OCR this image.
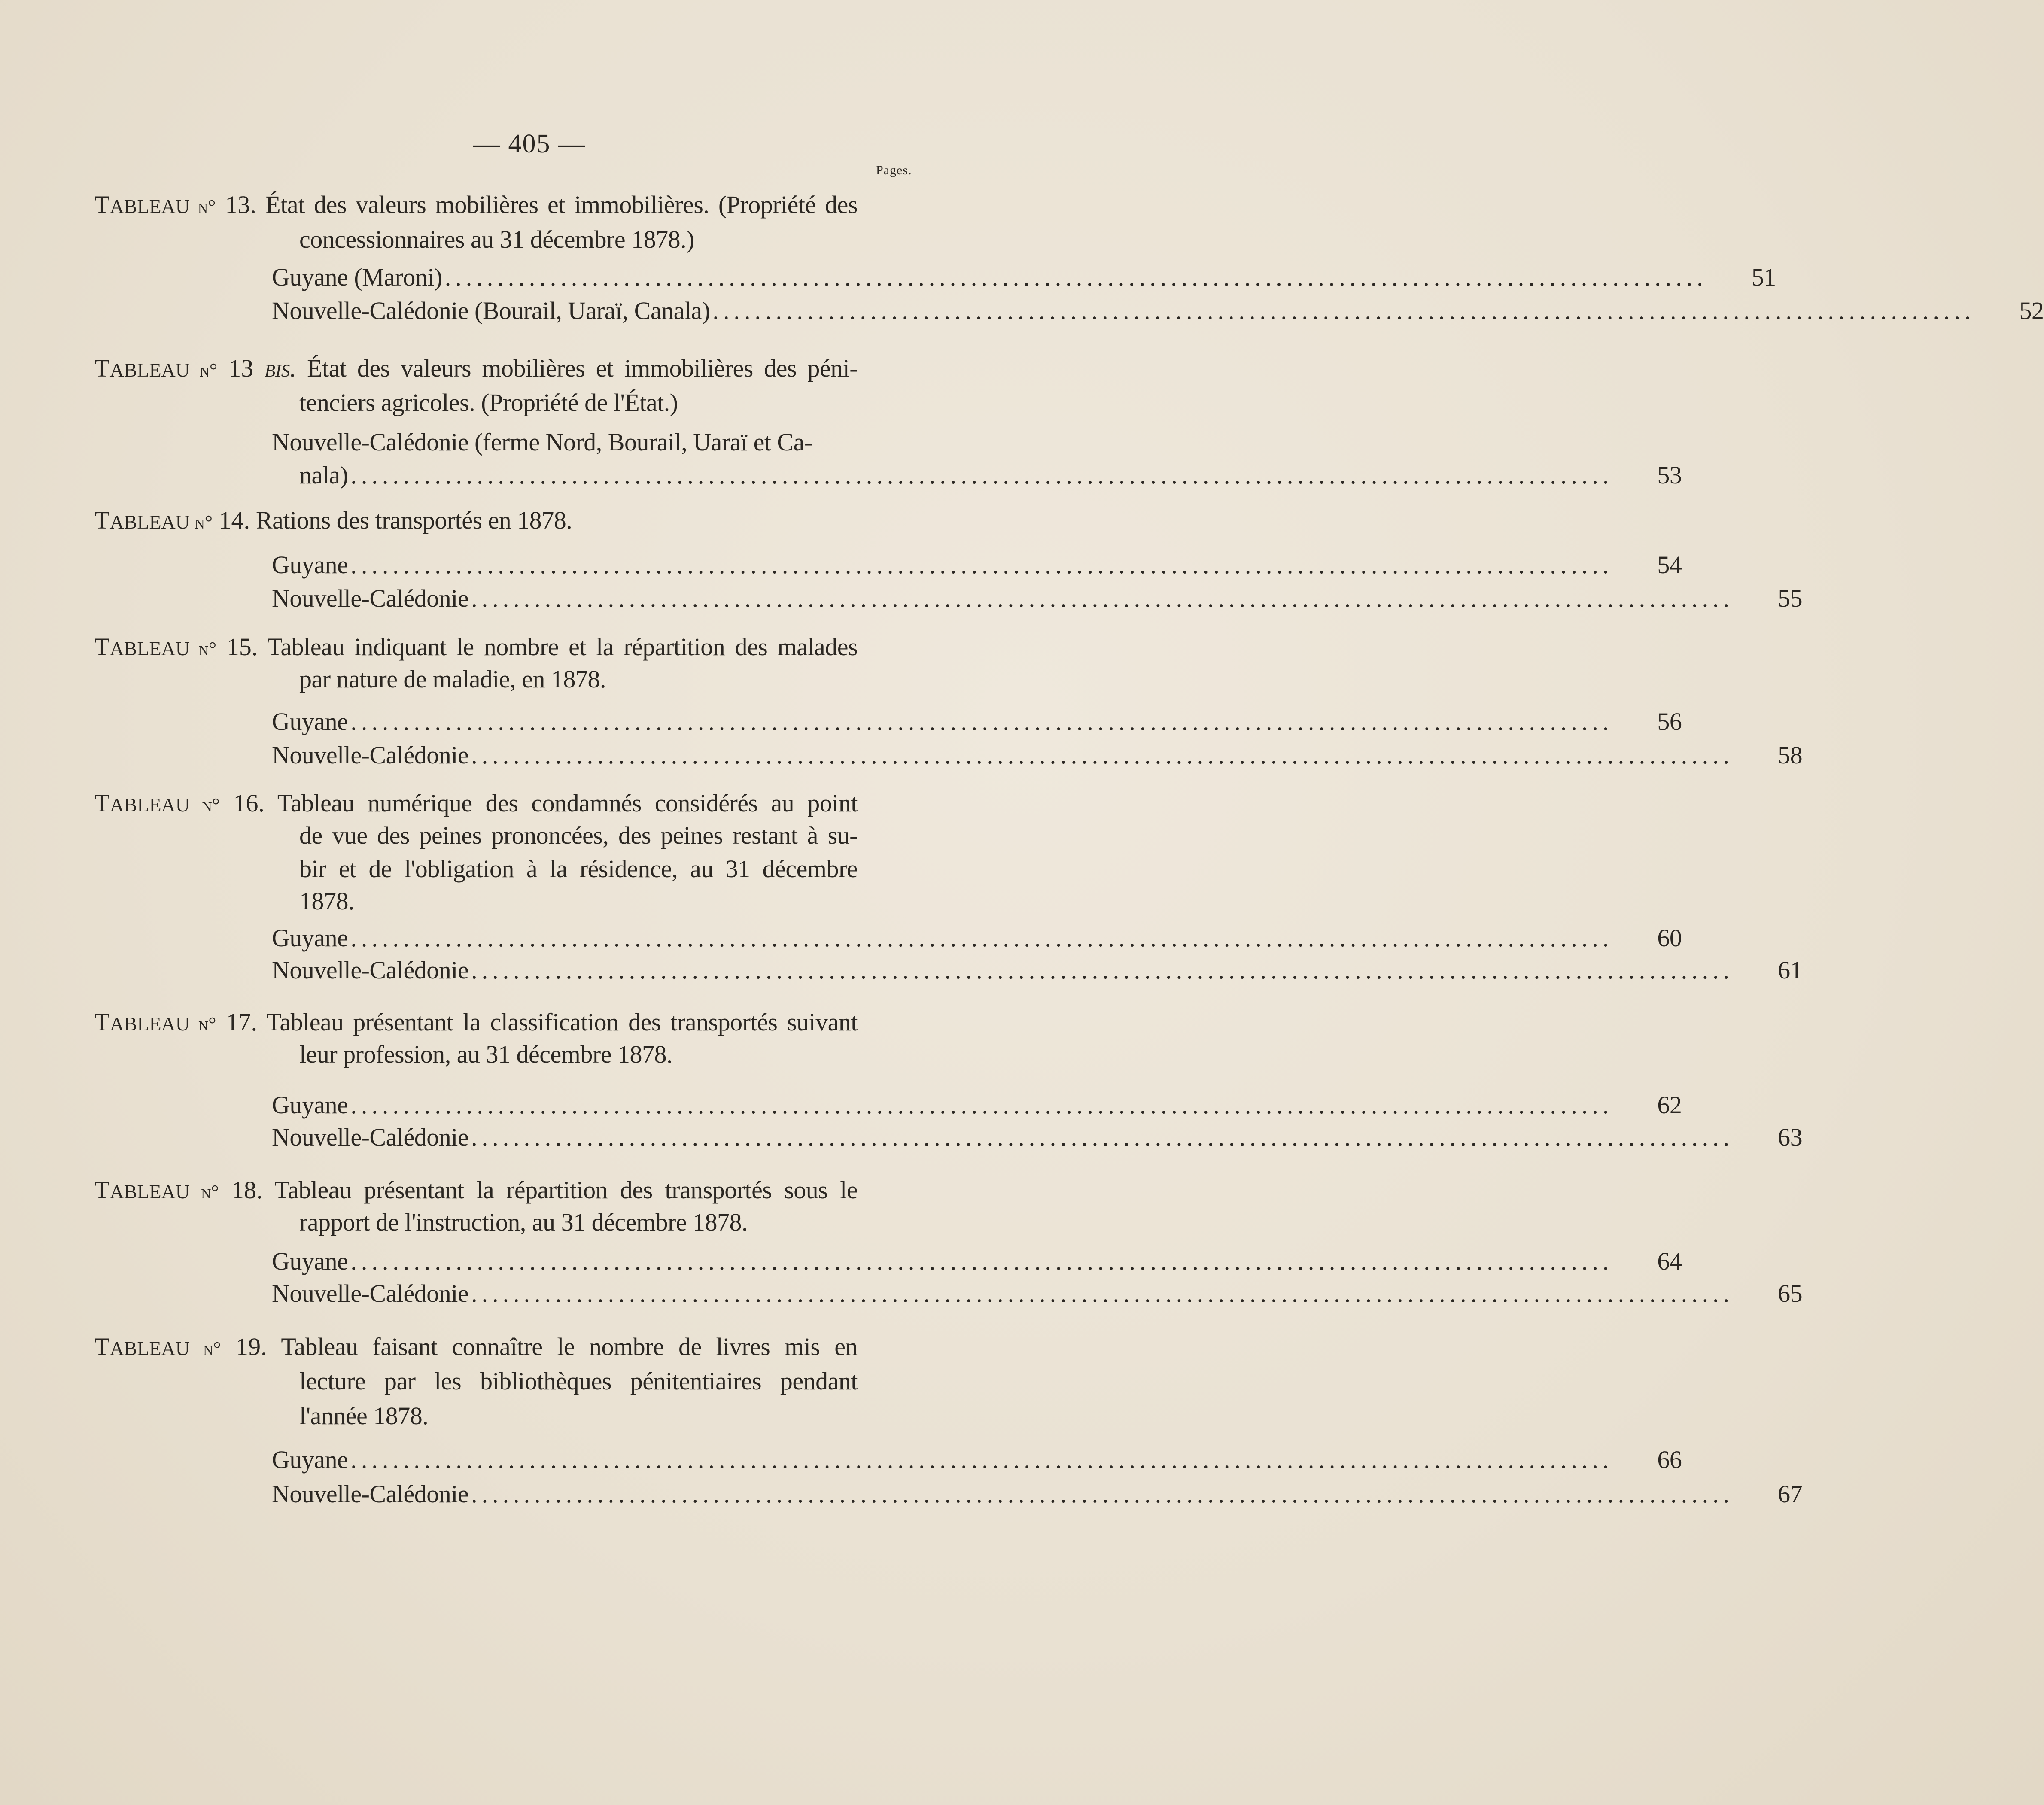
— 405 —
Pages.
TABLEAU n° 13. État des valeurs mobilières et immobilières. (Propriété des
concessionnaires au 31 décembre 1878.)
Guyane (Maroni) ........................................................................................................................	51
Nouvelle-Calédonie (Bourail, Uaraï, Canala) ........................................................................................................................	52
TABLEAU n° 13 bis. État des valeurs mobilières et immobilières des péni-
tenciers agricoles. (Propriété de l'État.)
Nouvelle-Calédonie (ferme Nord, Bourail, Uaraï et Ca-
nala) ........................................................................................................................	53
TABLEAU n° 14. Rations des transportés en 1878.
Guyane ........................................................................................................................	54
Nouvelle-Calédonie ........................................................................................................................	55
TABLEAU n° 15. Tableau indiquant le nombre et la répartition des malades
par nature de maladie, en 1878.
Guyane ........................................................................................................................	56
Nouvelle-Calédonie ........................................................................................................................	58
TABLEAU n° 16. Tableau numérique des condamnés considérés au point
de vue des peines prononcées, des peines restant à su-
bir et de l'obligation à la résidence, au 31 décembre
1878.
Guyane ........................................................................................................................	60
Nouvelle-Calédonie ........................................................................................................................	61
TABLEAU n° 17. Tableau présentant la classification des transportés suivant
leur profession, au 31 décembre 1878.
Guyane ........................................................................................................................	62
Nouvelle-Calédonie ........................................................................................................................	63
TABLEAU n° 18. Tableau présentant la répartition des transportés sous le
rapport de l'instruction, au 31 décembre 1878.
Guyane ........................................................................................................................	64
Nouvelle-Calédonie ........................................................................................................................	65
TABLEAU n° 19. Tableau faisant connaître le nombre de livres mis en
lecture par les bibliothèques pénitentiaires pendant
l'année 1878.
Guyane ........................................................................................................................	66
Nouvelle-Calédonie ........................................................................................................................	67
